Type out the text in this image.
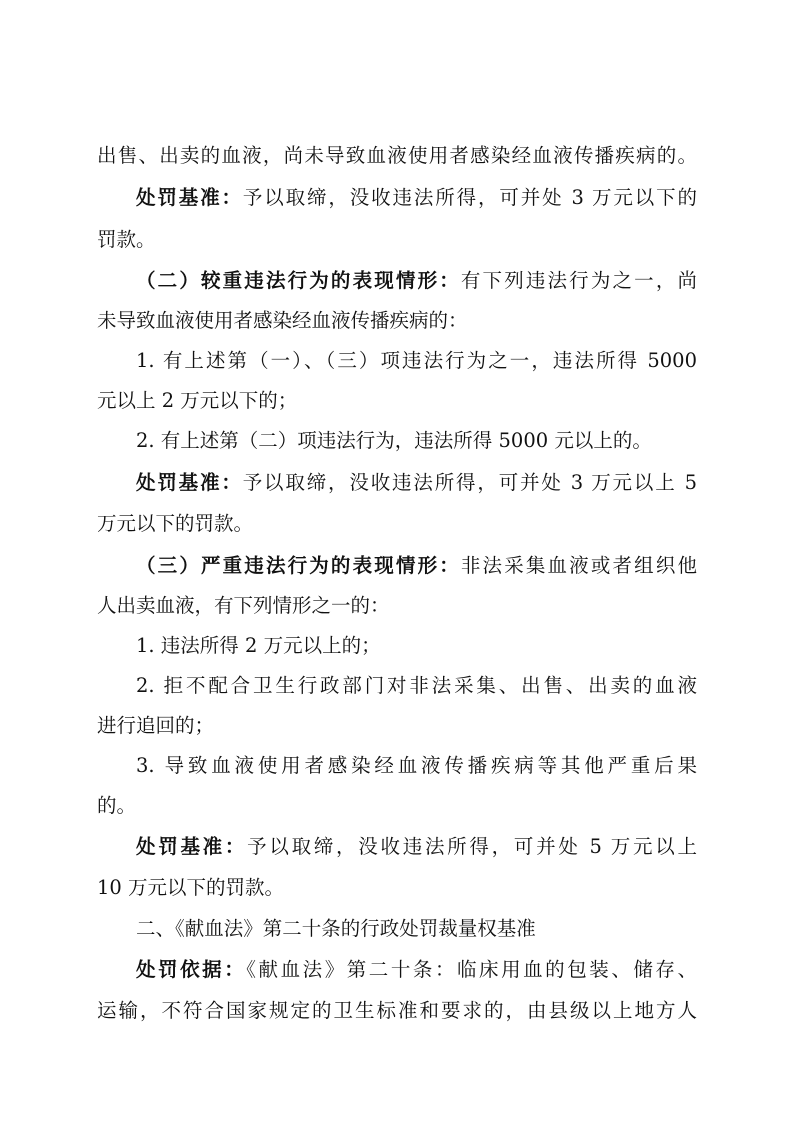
出售、出卖的血液，尚未导致血液使用者感染经血液传播疾病的。
处罚基准：予以取缔，没收违法所得，可并处 3 万元以下的
罚款。
（二）较重违法行为的表现情形：有下列违法行为之一，尚
未导致血液使用者感染经血液传播疾病的：
1. 有上述第（一）、（三）项违法行为之一，违法所得 5000
元以上 2 万元以下的；
2. 有上述第（二）项违法行为，违法所得 5000 元以上的。
处罚基准：予以取缔，没收违法所得，可并处 3 万元以上 5
万元以下的罚款。
（三）严重违法行为的表现情形：非法采集血液或者组织他
人出卖血液，有下列情形之一的：
1. 违法所得 2 万元以上的；
2. 拒不配合卫生行政部门对非法采集、出售、出卖的血液
进行追回的；
3. 导致血液使用者感染经血液传播疾病等其他严重后果
的。
处罚基准：予以取缔，没收违法所得，可并处 5 万元以上
10 万元以下的罚款。
二、《献血法》第二十条的行政处罚裁量权基准
处罚依据：《献血法》第二十条：临床用血的包装、储存、
运输，不符合国家规定的卫生标准和要求的，由县级以上地方人
